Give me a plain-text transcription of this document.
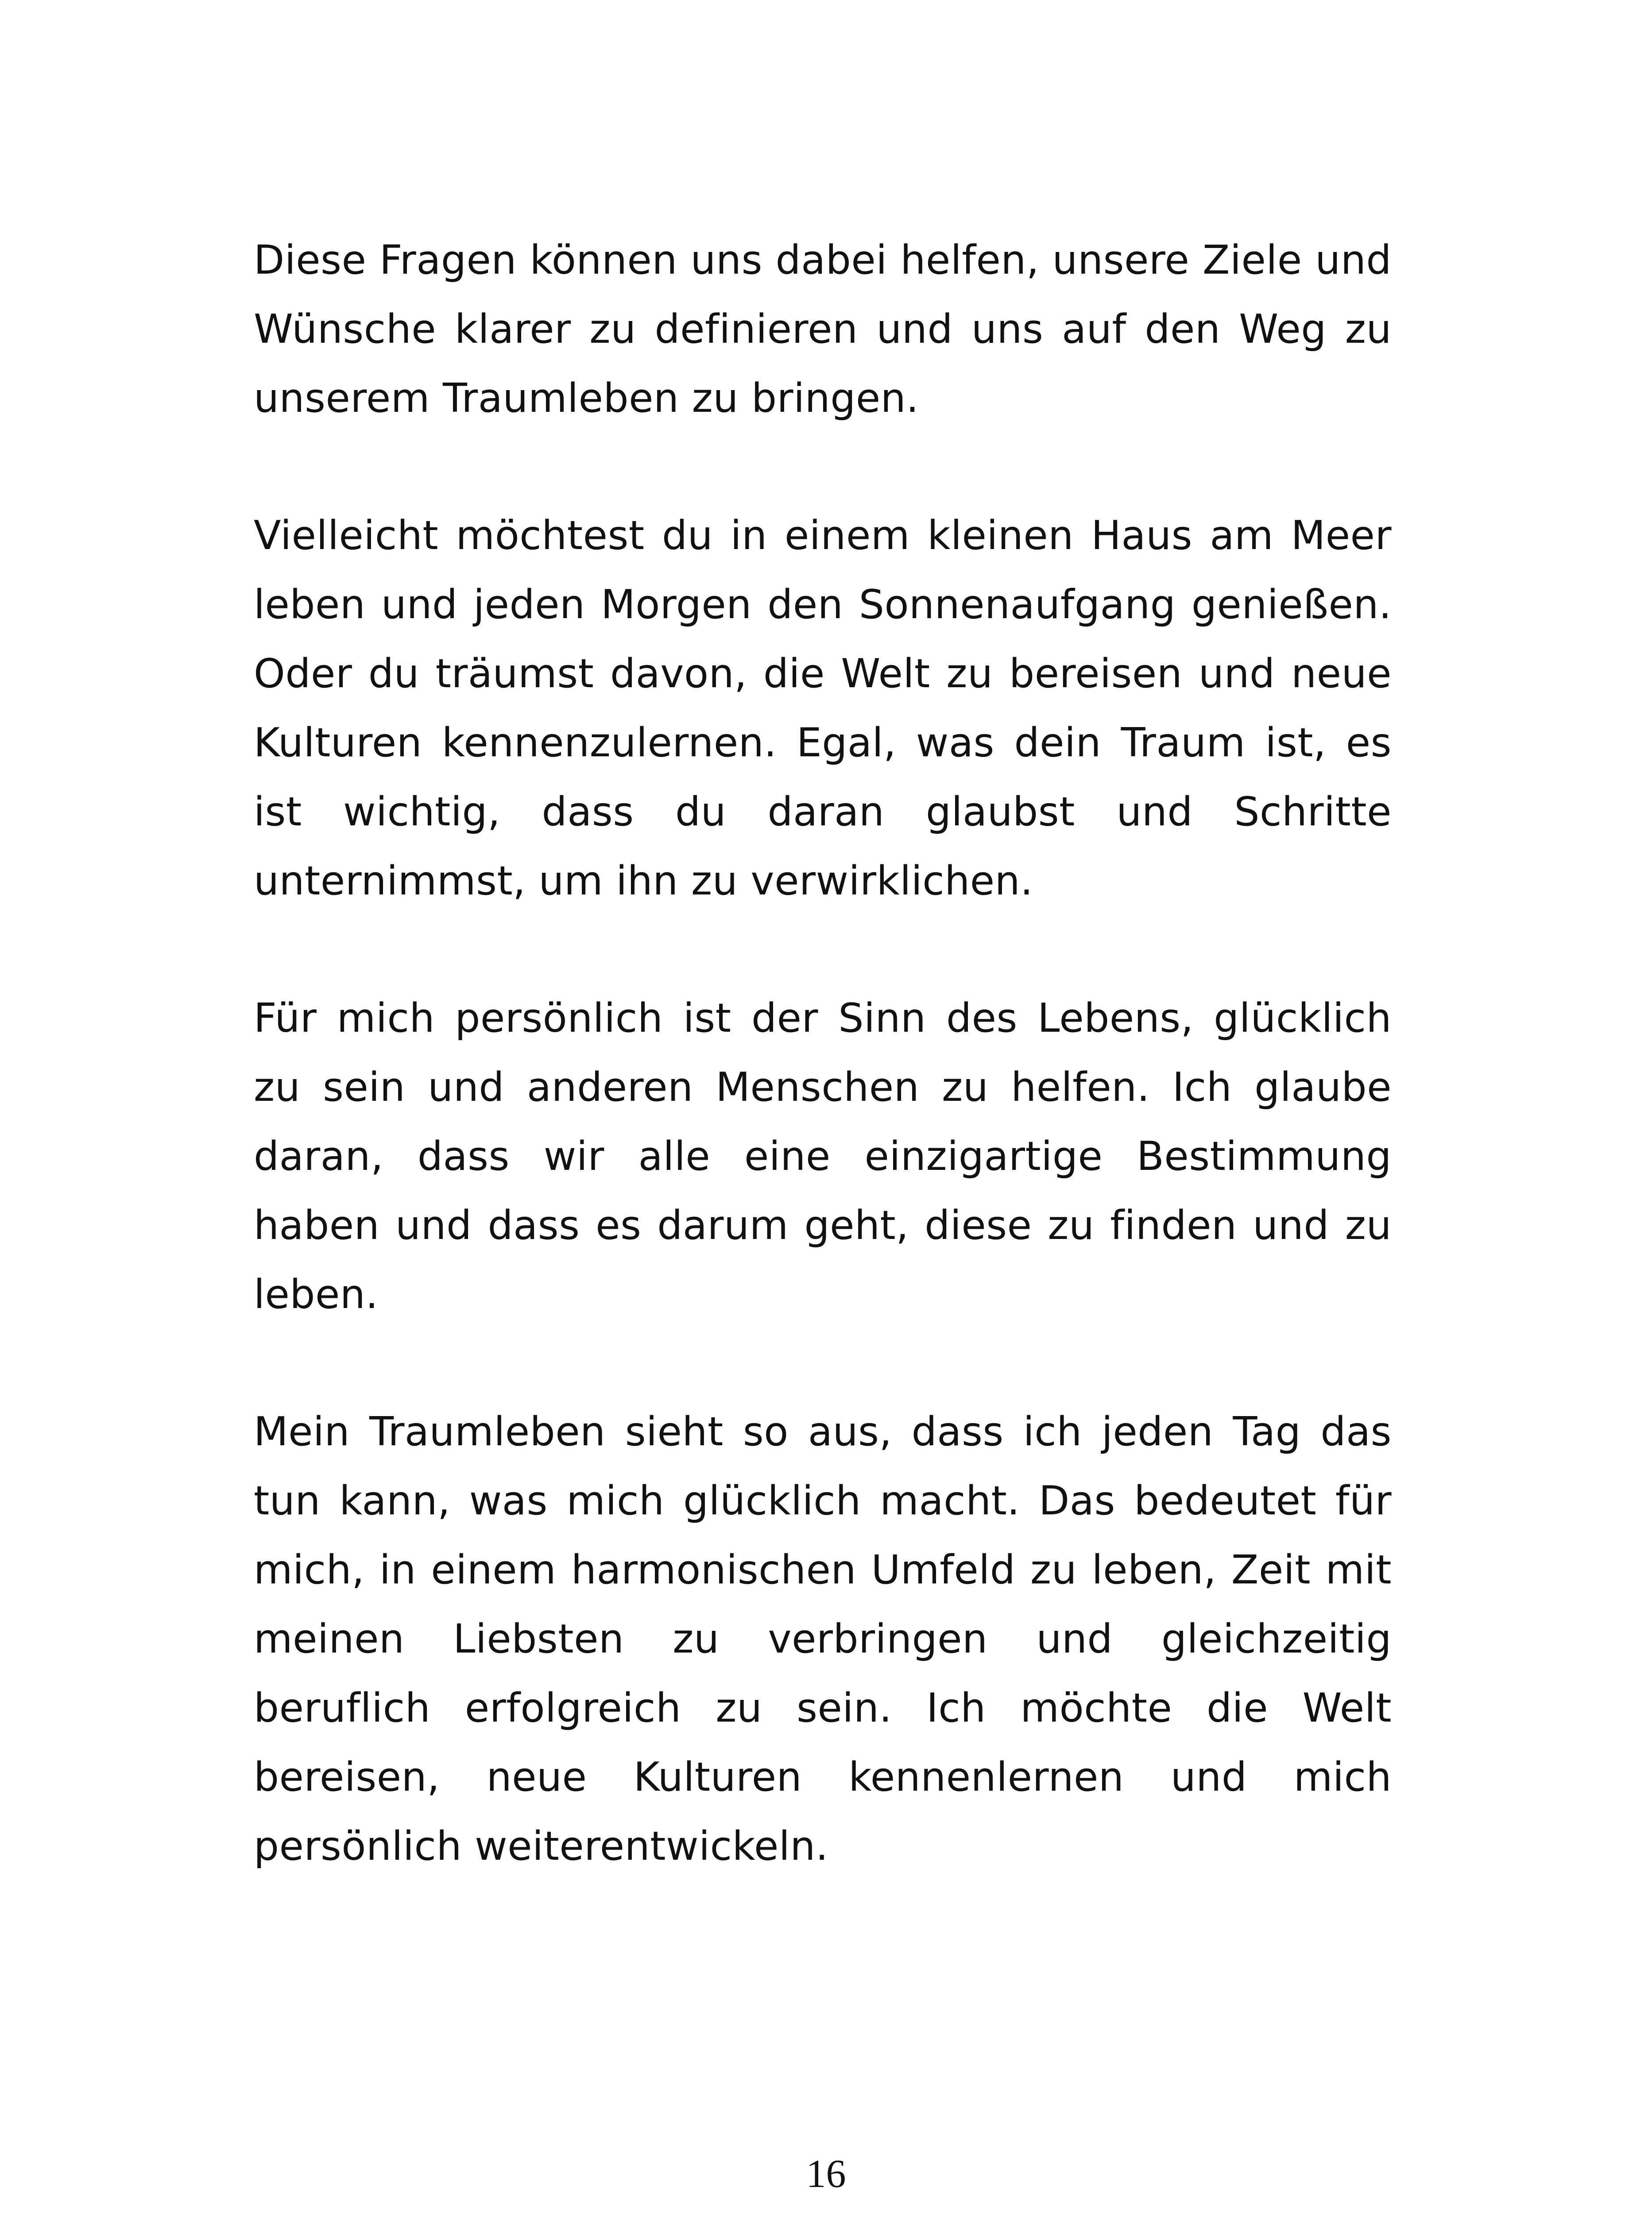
Diese Fragen können uns dabei helfen, unsere Ziele und Wünsche klarer zu definieren und uns auf den Weg zu unserem Traumleben zu bringen.

Vielleicht möchtest du in einem kleinen Haus am Meer leben und jeden Morgen den Sonnenaufgang genießen. Oder du träumst davon, die Welt zu bereisen und neue Kulturen kennenzulernen. Egal, was dein Traum ist, es ist wichtig, dass du daran glaubst und Schritte unternimmst, um ihn zu verwirklichen.

Für mich persönlich ist der Sinn des Lebens, glücklich zu sein und anderen Menschen zu helfen. Ich glaube daran, dass wir alle eine einzigartige Bestimmung haben und dass es darum geht, diese zu finden und zu leben.

Mein Traumleben sieht so aus, dass ich jeden Tag das tun kann, was mich glücklich macht. Das bedeutet für mich, in einem harmonischen Umfeld zu leben, Zeit mit meinen Liebsten zu verbringen und gleichzeitig beruflich erfolgreich zu sein. Ich möchte die Welt bereisen, neue Kulturen kennenlernen und mich persönlich weiterentwickeln.

16
